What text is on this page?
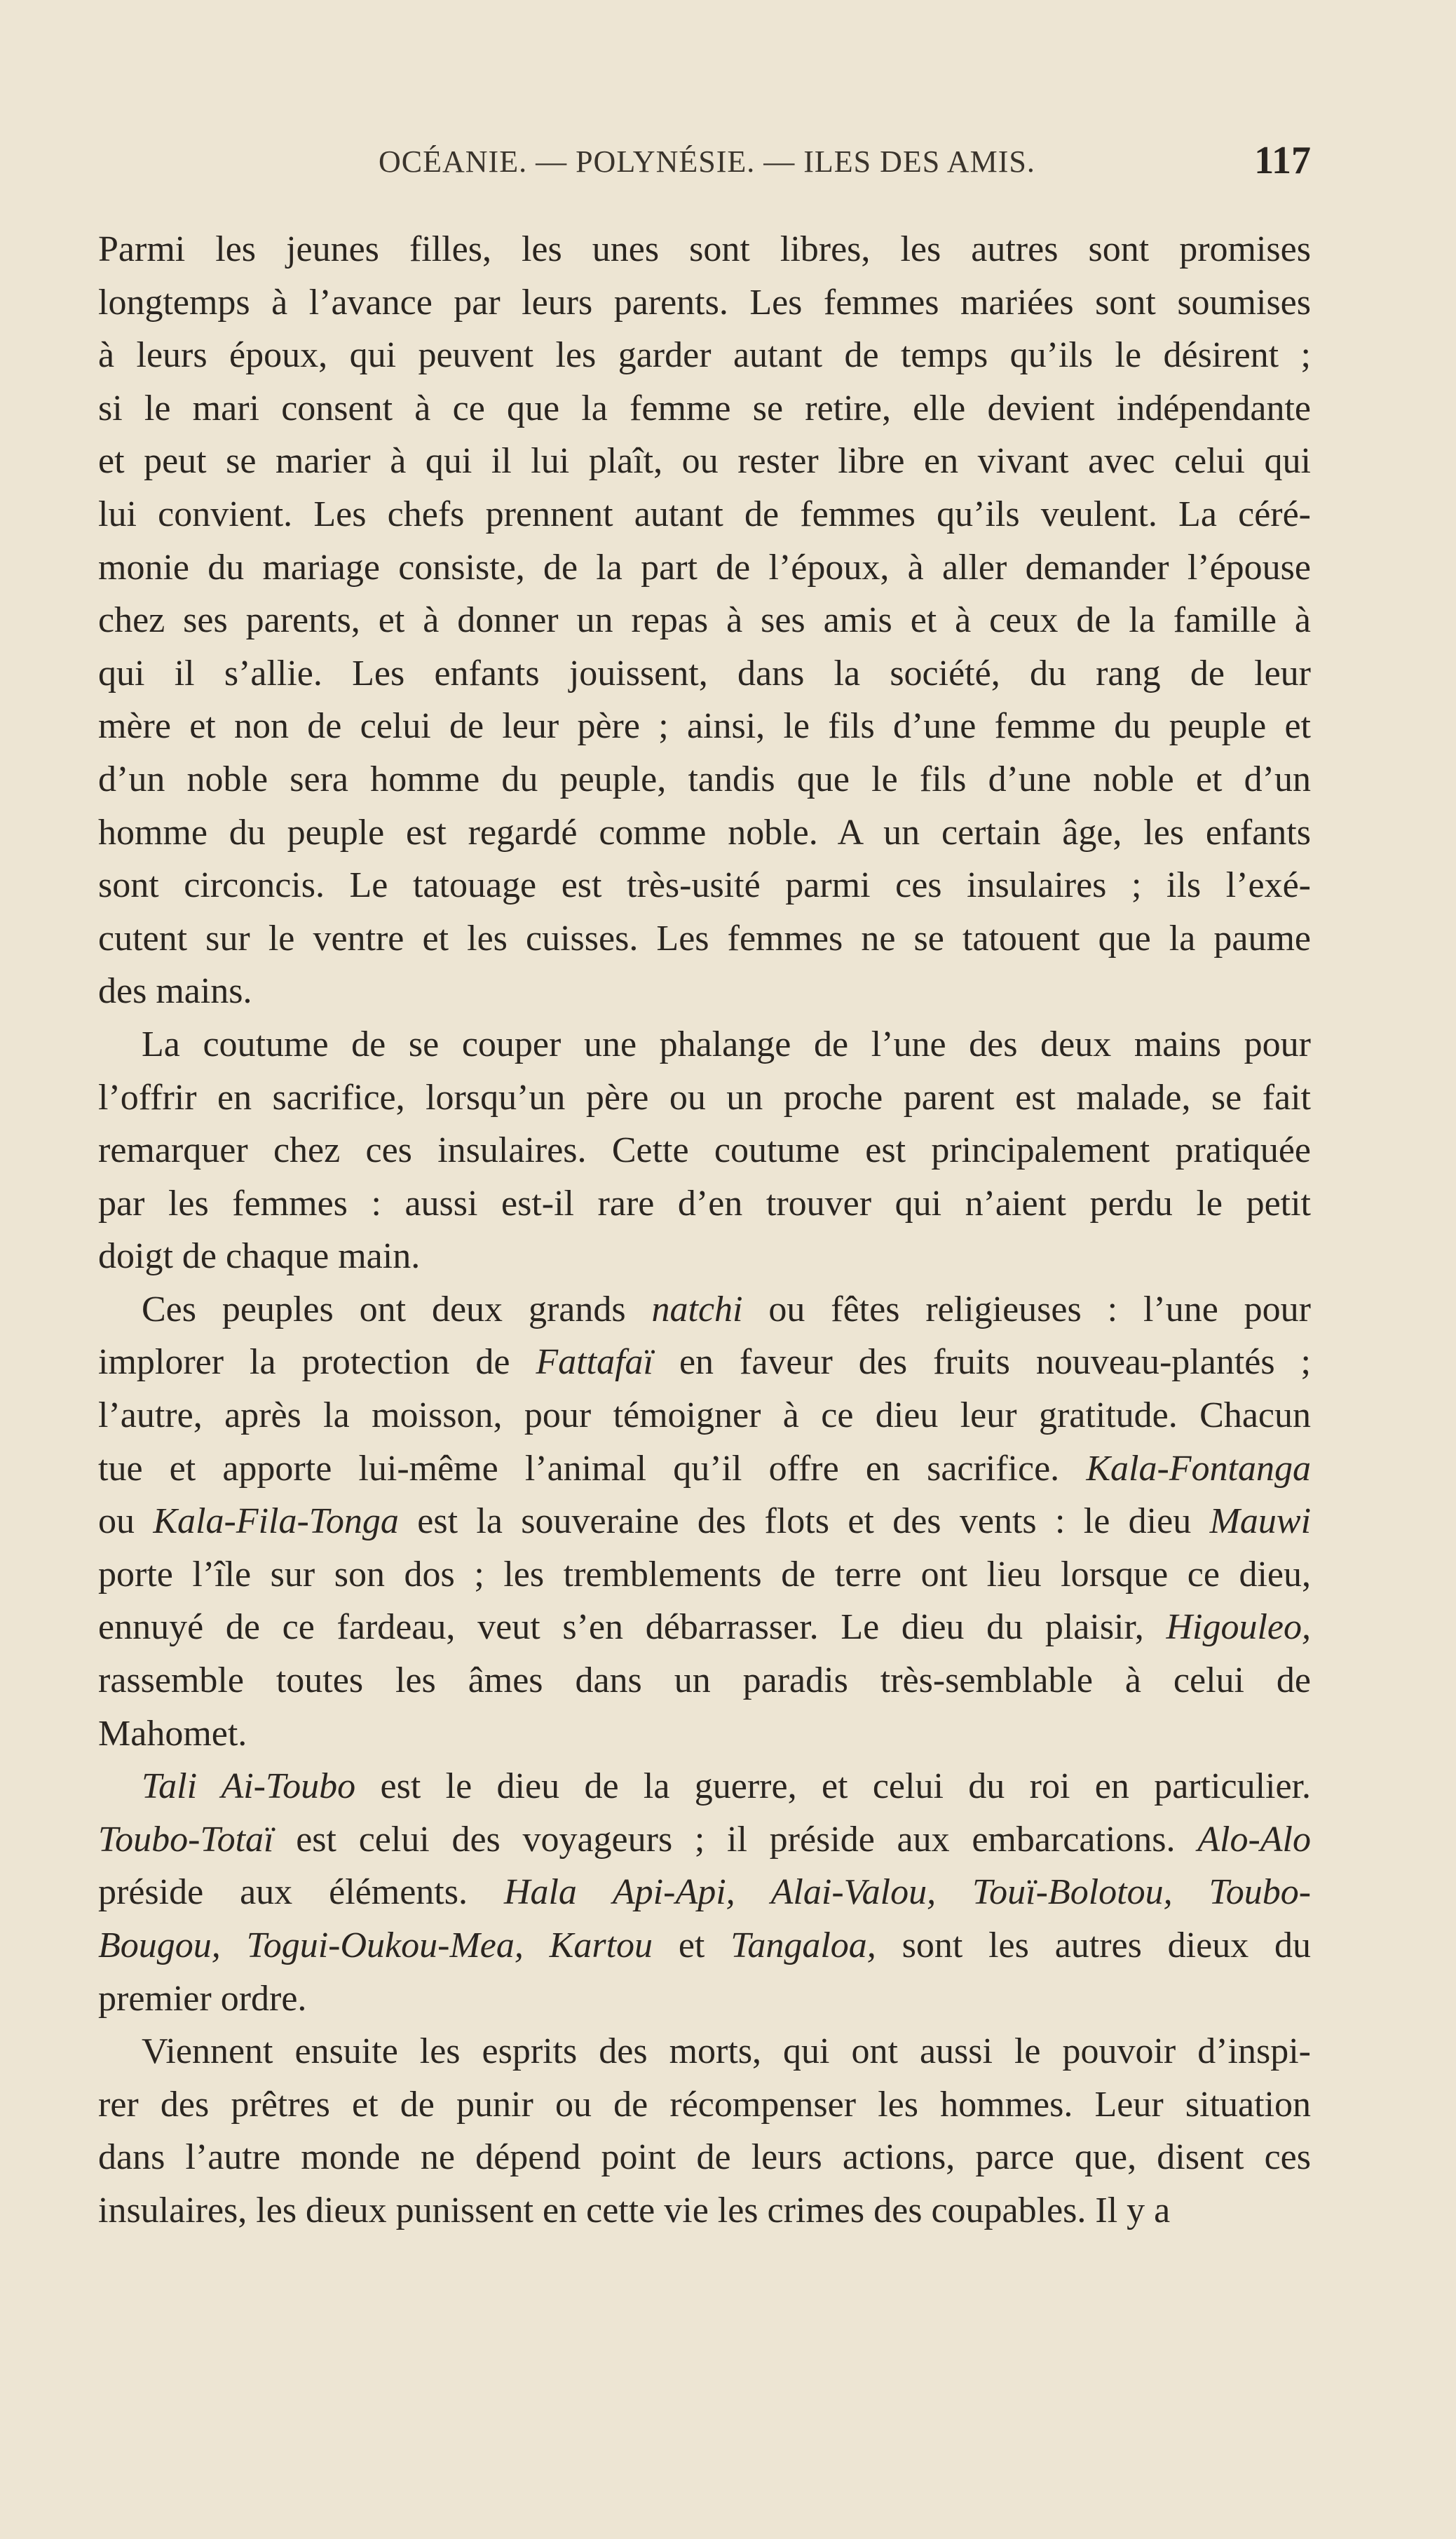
OCÉANIE. — POLYNÉSIE. — ILES DES AMIS.	117
Parmi les jeunes filles, les unes sont libres, les autres sont promises
longtemps à l’avance par leurs parents. Les femmes mariées sont soumises
à leurs époux, qui peuvent les garder autant de temps qu’ils le désirent ;
si le mari consent à ce que la femme se retire, elle devient indépendante
et peut se marier à qui il lui plaît, ou rester libre en vivant avec celui qui
lui convient. Les chefs prennent autant de femmes qu’ils veulent. La céré-
monie du mariage consiste, de la part de l’époux, à aller demander l’épouse
chez ses parents, et à donner un repas à ses amis et à ceux de la famille à
qui il s’allie. Les enfants jouissent, dans la société, du rang de leur
mère et non de celui de leur père ; ainsi, le fils d’une femme du peuple et
d’un noble sera homme du peuple, tandis que le fils d’une noble et d’un
homme du peuple est regardé comme noble. A un certain âge, les enfants
sont circoncis. Le tatouage est très-usité parmi ces insulaires ; ils l’exé-
cutent sur le ventre et les cuisses. Les femmes ne se tatouent que la paume
des mains.
La coutume de se couper une phalange de l’une des deux mains pour
l’offrir en sacrifice, lorsqu’un père ou un proche parent est malade, se fait
remarquer chez ces insulaires. Cette coutume est principalement pratiquée
par les femmes : aussi est-il rare d’en trouver qui n’aient perdu le petit
doigt de chaque main.
Ces peuples ont deux grands natchi ou fêtes religieuses : l’une pour
implorer la protection de Fattafaï en faveur des fruits nouveau-plantés ;
l’autre, après la moisson, pour témoigner à ce dieu leur gratitude. Chacun
tue et apporte lui-même l’animal qu’il offre en sacrifice. Kala-Fontanga
ou Kala-Fila-Tonga est la souveraine des flots et des vents : le dieu Mauwi
porte l’île sur son dos ; les tremblements de terre ont lieu lorsque ce dieu,
ennuyé de ce fardeau, veut s’en débarrasser. Le dieu du plaisir, Higouleo,
rassemble toutes les âmes dans un paradis très-semblable à celui de
Mahomet.
Tali Ai-Toubo est le dieu de la guerre, et celui du roi en particulier.
Toubo-Totaï est celui des voyageurs ; il préside aux embarcations. Alo-Alo
préside aux éléments. Hala Api-Api, Alai-Valou, Touï-Bolotou, Toubo-
Bougou, Togui-Oukou-Mea, Kartou et Tangaloa, sont les autres dieux du
premier ordre.
Viennent ensuite les esprits des morts, qui ont aussi le pouvoir d’inspi-
rer des prêtres et de punir ou de récompenser les hommes. Leur situation
dans l’autre monde ne dépend point de leurs actions, parce que, disent ces
insulaires, les dieux punissent en cette vie les crimes des coupables. Il y a
